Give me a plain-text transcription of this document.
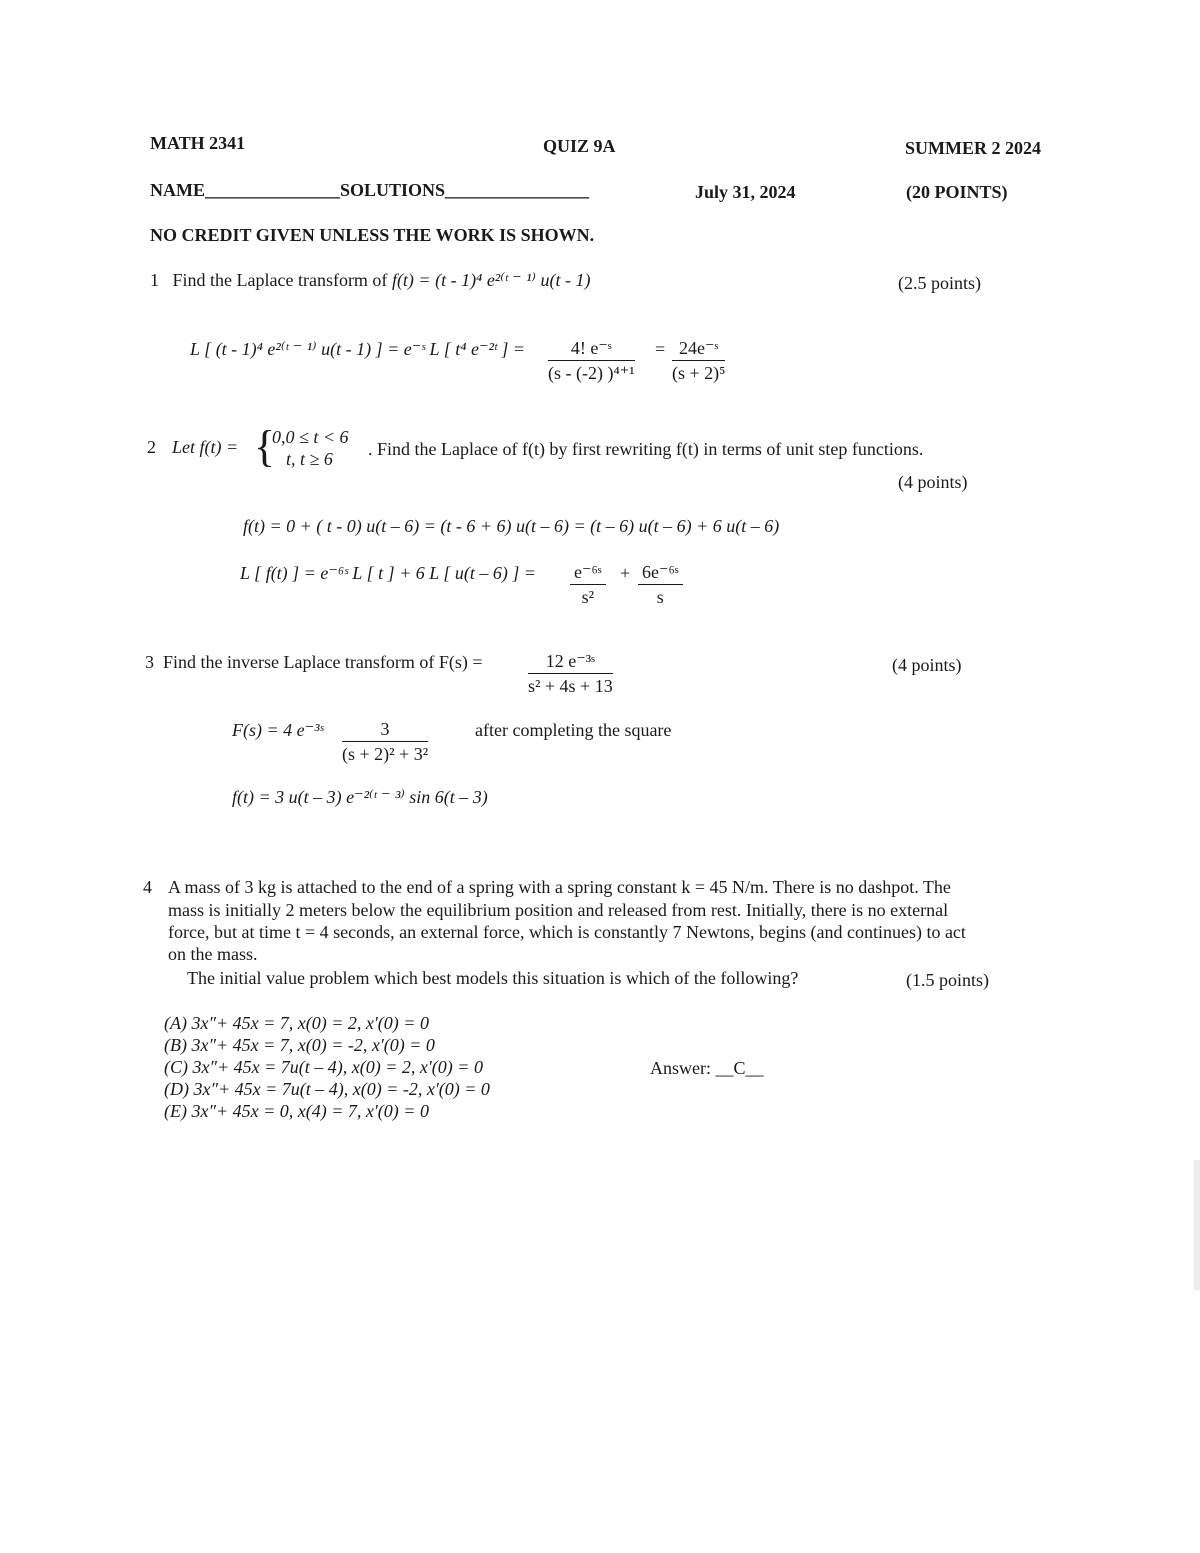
MATH 2341	QUIZ 9A	SUMMER 2 2024
NAME_______________SOLUTIONS________________	July 31, 2024	(20 POINTS)
NO CREDIT GIVEN UNLESS THE WORK IS SHOWN.
1 Find the Laplace transform of f(t) = (t - 1)⁴ e²⁽ᵗ ⁻ ¹⁾ u(t - 1)	(2.5 points)
L [ (t - 1)⁴ e²⁽ᵗ ⁻ ¹⁾ u(t - 1) ] = e⁻ˢ L [ t⁴ e⁻²ᵗ ] = $\frac{\text{4! e⁻ˢ}}{\text{(s - (-2) )⁴⁺¹}} = \frac{\text{24e⁻ˢ}}{\text{(s + 2)⁵}}$
2 Let f(t) = {
0,0 ≤ t < 6
t, t ≥ 6 . Find the Laplace of f(t) by first rewriting f(t) in terms of unit step functions.
(4 points)
f(t) = 0 + ( t - 0) u(t – 6) = (t - 6 + 6) u(t – 6) = (t – 6) u(t – 6) + 6 u(t – 6)
L [ f(t) ] = e⁻⁶ˢ L [ t ] + 6 L [ u(t – 6) ] = $\frac{\text{e⁻⁶ˢ}}{\text{s²}} + \frac{\text{6e⁻⁶ˢ}}{s}$
3 Find the inverse Laplace transform of F(s) =	$\frac{\text{12 e⁻³ˢ}}{\text{s² + 4s + 13}}$	(4 points)
F(s) = 4 e⁻³ˢ $\frac{3}{\text{(s + 2)² + 3²}}$	after completing the square
f(t) = 3 u(t – 3) e⁻²⁽ᵗ ⁻ ³⁾ sin 6(t – 3)
4 A mass of 3 kg is attached to the end of a spring with a spring constant k = 45 N/m. There is no dashpot. The
mass is initially 2 meters below the equilibrium position and released from rest. Initially, there is no external
force, but at time t = 4 seconds, an external force, which is constantly 7 Newtons, begins (and continues) to act
on the mass.
The initial value problem which best models this situation is which of the following?	(1.5 points)
(A) 3x″+ 45x = 7, x(0) = 2, x′(0) = 0
(B) 3x″+ 45x = 7, x(0) = -2, x′(0) = 0
(C) 3x″+ 45x = 7u(t – 4), x(0) = 2, x′(0) = 0
(D) 3x″+ 45x = 7u(t – 4), x(0) = -2, x′(0) = 0
(E) 3x″+ 45x = 0, x(4) = 7, x′(0) = 0
Answer: __C__
